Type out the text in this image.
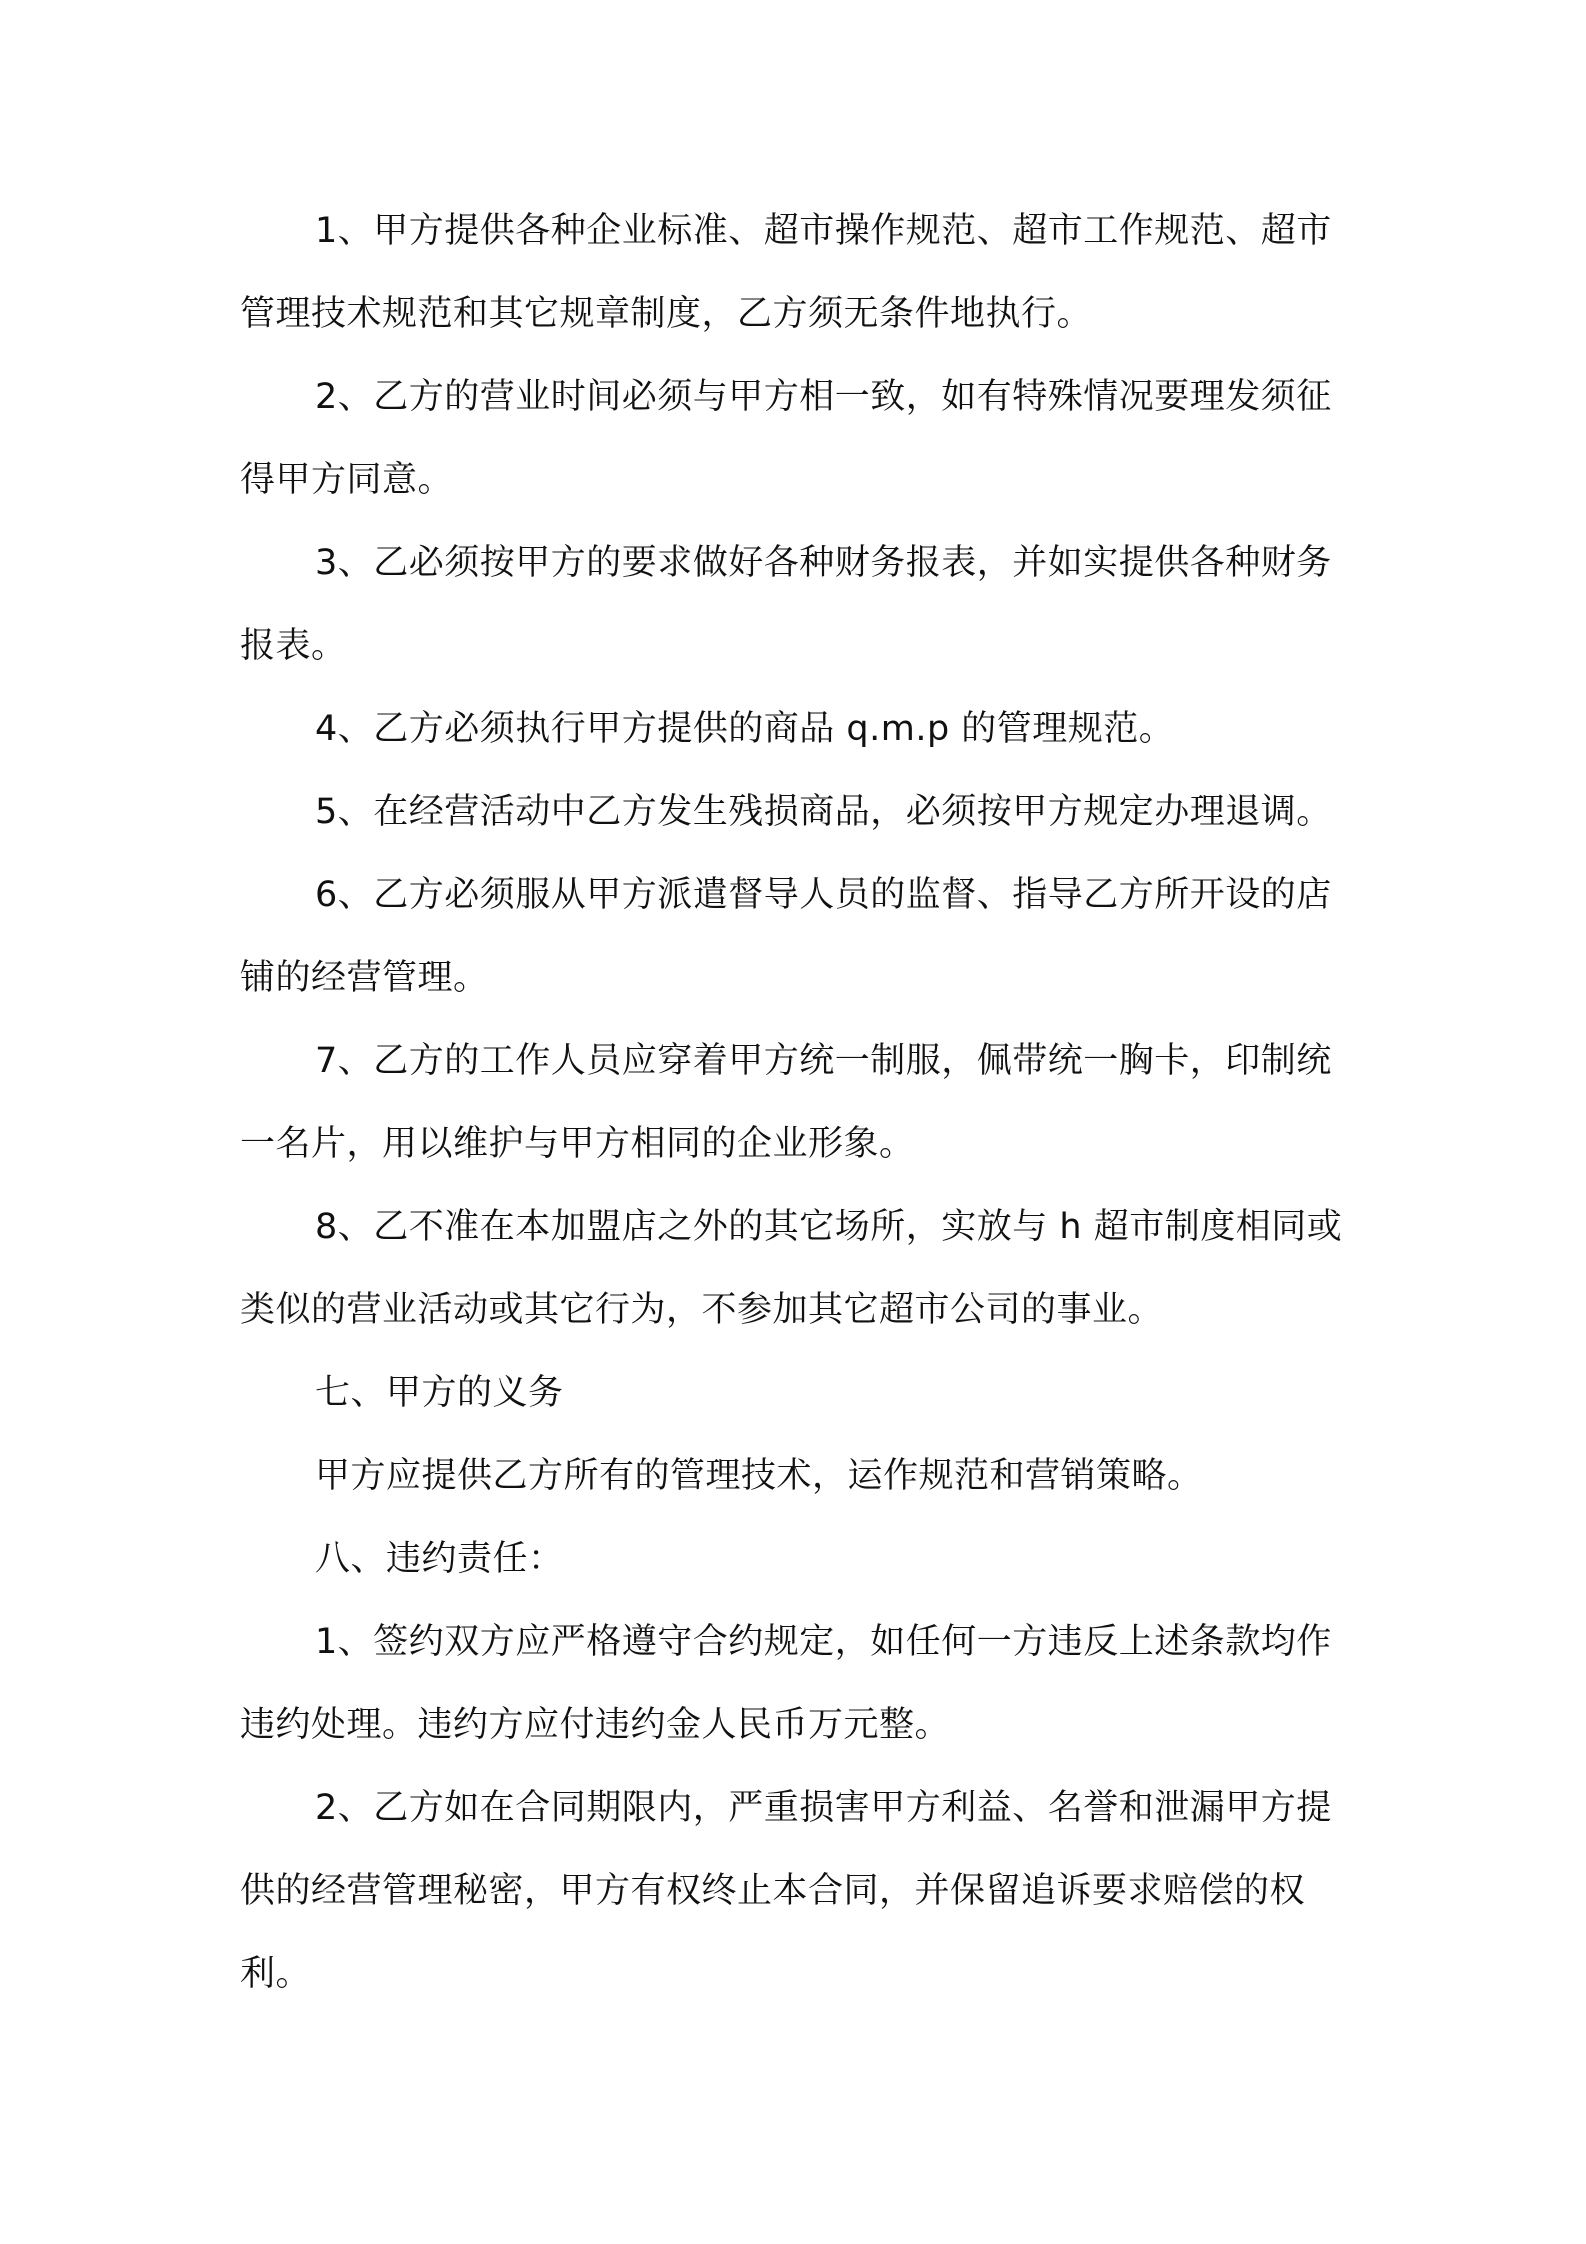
1、甲方提供各种企业标准、超市操作规范、超市工作规范、超市管理技术规范和其它规章制度，乙方须无条件地执行。

2、乙方的营业时间必须与甲方相一致，如有特殊情况要理发须征得甲方同意。

3、乙必须按甲方的要求做好各种财务报表，并如实提供各种财务报表。

4、乙方必须执行甲方提供的商品 q.m.p 的管理规范。

5、在经营活动中乙方发生残损商品，必须按甲方规定办理退调。

6、乙方必须服从甲方派遣督导人员的监督、指导乙方所开设的店铺的经营管理。

7、乙方的工作人员应穿着甲方统一制服，佩带统一胸卡，印制统一名片，用以维护与甲方相同的企业形象。

8、乙不准在本加盟店之外的其它场所，实放与 h 超市制度相同或类似的营业活动或其它行为，不参加其它超市公司的事业。

七、甲方的义务

甲方应提供乙方所有的管理技术，运作规范和营销策略。

八、违约责任：

1、签约双方应严格遵守合约规定，如任何一方违反上述条款均作违约处理。违约方应付违约金人民币万元整。

2、乙方如在合同期限内，严重损害甲方利益、名誉和泄漏甲方提供的经营管理秘密，甲方有权终止本合同，并保留追诉要求赔偿的权利。
